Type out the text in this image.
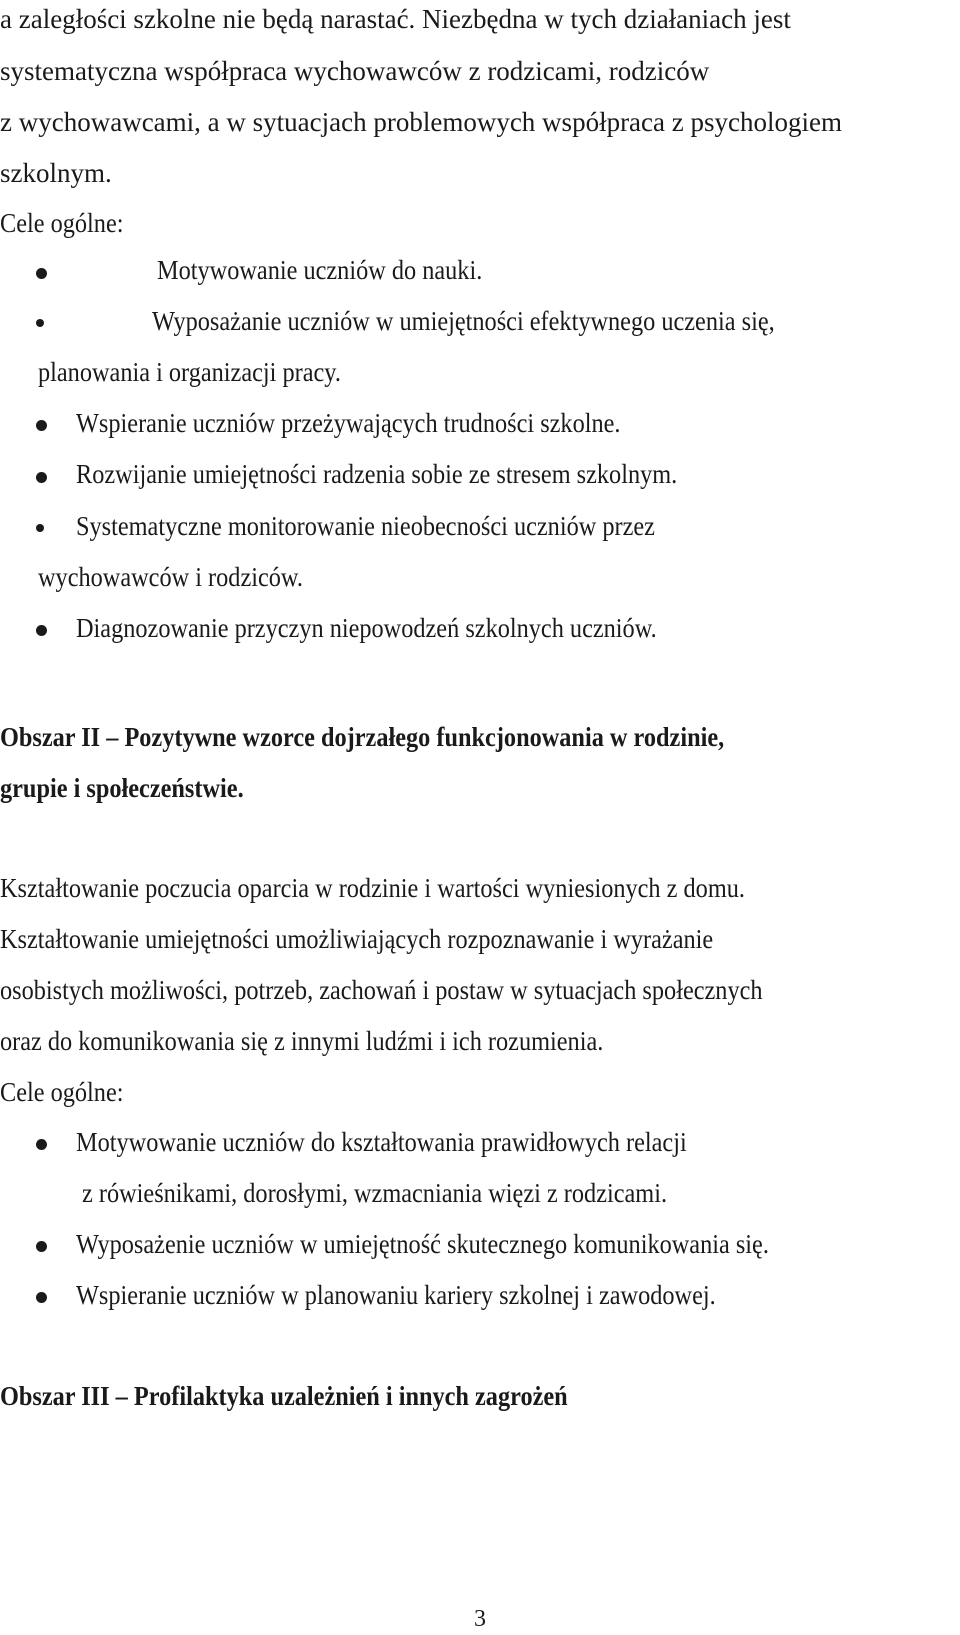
a zaległości szkolne nie będą narastać. Niezbędna w tych działaniach jest

systematyczna współpraca wychowawców z rodzicami, rodziców

z wychowawcami, a w sytuacjach problemowych współpraca z psychologiem

szkolnym.

Cele ogólne:

Motywowanie uczniów do nauki.

Wyposażanie uczniów w umiejętności efektywnego uczenia się,

planowania i organizacji pracy.

Wspieranie uczniów przeżywających trudności szkolne.

Rozwijanie umiejętności radzenia sobie ze stresem szkolnym.

Systematyczne monitorowanie nieobecności uczniów przez

wychowawców i rodziców.

Diagnozowanie przyczyn niepowodzeń szkolnych uczniów.

Obszar II – Pozytywne wzorce dojrzałego funkcjonowania w rodzinie,

grupie i społeczeństwie.

Kształtowanie poczucia oparcia w rodzinie i wartości wyniesionych z domu.

Kształtowanie umiejętności umożliwiających rozpoznawanie i wyrażanie

osobistych możliwości, potrzeb, zachowań i postaw w sytuacjach społecznych

oraz do komunikowania się z innymi ludźmi i ich rozumienia.

Cele ogólne:

Motywowanie uczniów do kształtowania prawidłowych relacji

z rówieśnikami, dorosłymi, wzmacniania więzi z rodzicami.

Wyposażenie uczniów w umiejętność skutecznego komunikowania się.

Wspieranie uczniów w planowaniu kariery szkolnej i zawodowej.

Obszar III – Profilaktyka uzależnień i innych zagrożeń

3
